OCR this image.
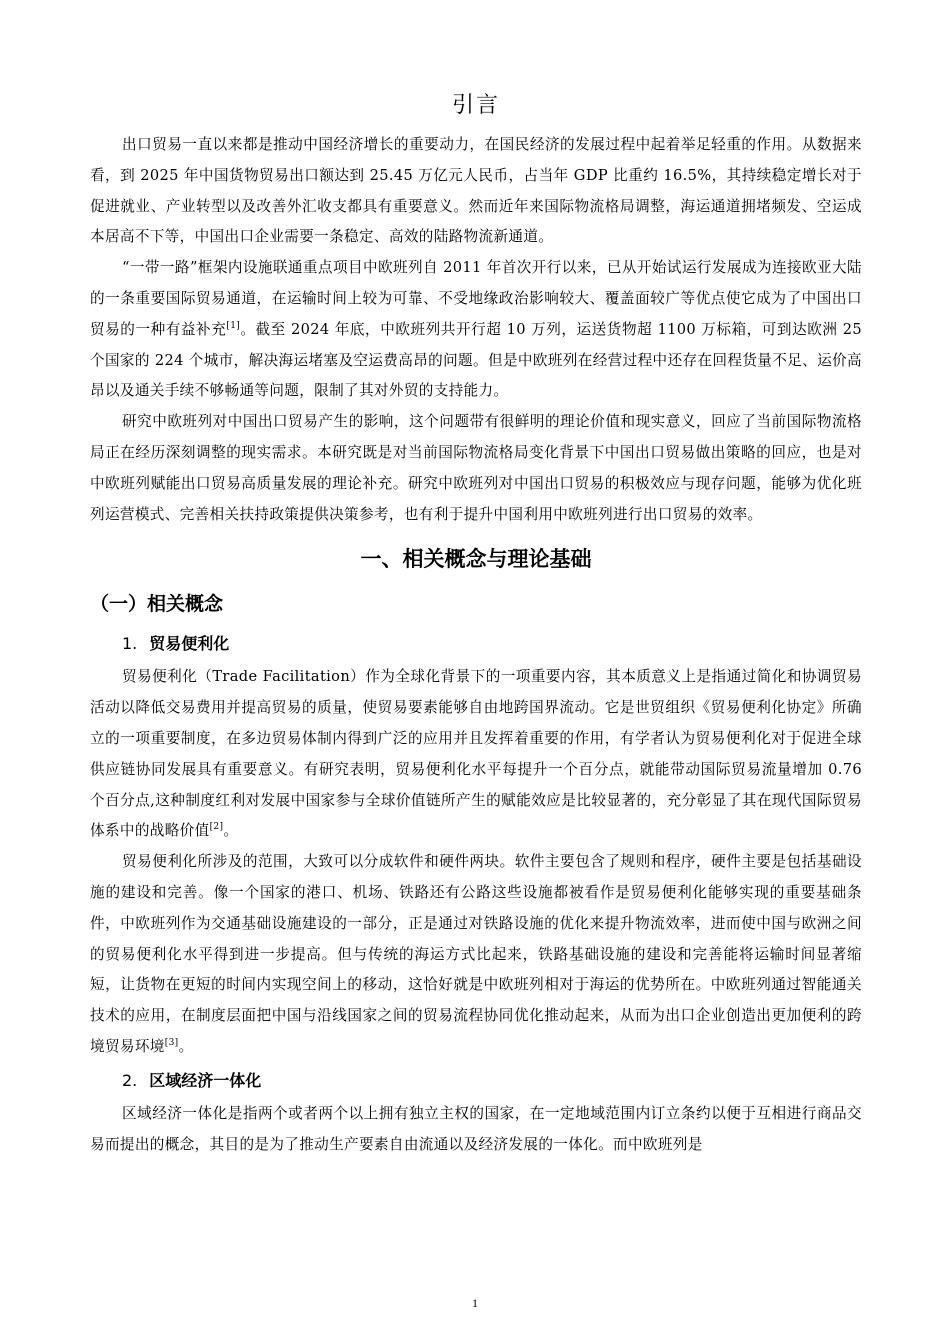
引言

出口贸易一直以来都是推动中国经济增长的重要动力，在国民经济的发展过程中起着举足轻重的作用。从数据来看，到 2025 年中国货物贸易出口额达到 25.45 万亿元人民币，占当年 GDP 比重约 16.5%，其持续稳定增长对于促进就业、产业转型以及改善外汇收支都具有重要意义。然而近年来国际物流格局调整，海运通道拥堵频发、空运成本居高不下等，中国出口企业需要一条稳定、高效的陆路物流新通道。

“一带一路”框架内设施联通重点项目中欧班列自 2011 年首次开行以来，已从开始试运行发展成为连接欧亚大陆的一条重要国际贸易通道，在运输时间上较为可靠、不受地缘政治影响较大、覆盖面较广等优点使它成为了中国出口贸易的一种有益补充[1]。截至 2024 年底，中欧班列共开行超 10 万列，运送货物超 1100 万标箱，可到达欧洲 25 个国家的 224 个城市，解决海运堵塞及空运费高昂的问题。但是中欧班列在经营过程中还存在回程货量不足、运价高昂以及通关手续不够畅通等问题，限制了其对外贸的支持能力。

研究中欧班列对中国出口贸易产生的影响，这个问题带有很鲜明的理论价值和现实意义，回应了当前国际物流格局正在经历深刻调整的现实需求。本研究既是对当前国际物流格局变化背景下中国出口贸易做出策略的回应，也是对中欧班列赋能出口贸易高质量发展的理论补充。研究中欧班列对中国出口贸易的积极效应与现存问题，能够为优化班列运营模式、完善相关扶持政策提供决策参考，也有利于提升中国利用中欧班列进行出口贸易的效率。

一、相关概念与理论基础
（一）相关概念
1. 贸易便利化

贸易便利化（Trade Facilitation）作为全球化背景下的一项重要内容，其本质意义上是指通过简化和协调贸易活动以降低交易费用并提高贸易的质量，使贸易要素能够自由地跨国界流动。它是世贸组织《贸易便利化协定》所确立的一项重要制度，在多边贸易体制内得到广泛的应用并且发挥着重要的作用，有学者认为贸易便利化对于促进全球供应链协同发展具有重要意义。有研究表明，贸易便利化水平每提升一个百分点，就能带动国际贸易流量增加 0.76 个百分点,这种制度红利对发展中国家参与全球价值链所产生的赋能效应是比较显著的，充分彰显了其在现代国际贸易体系中的战略价值[2]。

贸易便利化所涉及的范围，大致可以分成软件和硬件两块。软件主要包含了规则和程序，硬件主要是包括基础设施的建设和完善。像一个国家的港口、机场、铁路还有公路这些设施都被看作是贸易便利化能够实现的重要基础条件，中欧班列作为交通基础设施建设的一部分，正是通过对铁路设施的优化来提升物流效率，进而使中国与欧洲之间的贸易便利化水平得到进一步提高。但与传统的海运方式比起来，铁路基础设施的建设和完善能将运输时间显著缩短，让货物在更短的时间内实现空间上的移动，这恰好就是中欧班列相对于海运的优势所在。中欧班列通过智能通关技术的应用，在制度层面把中国与沿线国家之间的贸易流程协同优化推动起来，从而为出口企业创造出更加便利的跨境贸易环境[3]。

2. 区域经济一体化

区域经济一体化是指两个或者两个以上拥有独立主权的国家，在一定地域范围内订立条约以便于互相进行商品交易而提出的概念，其目的是为了推动生产要素自由流通以及经济发展的一体化。而中欧班列是

1
